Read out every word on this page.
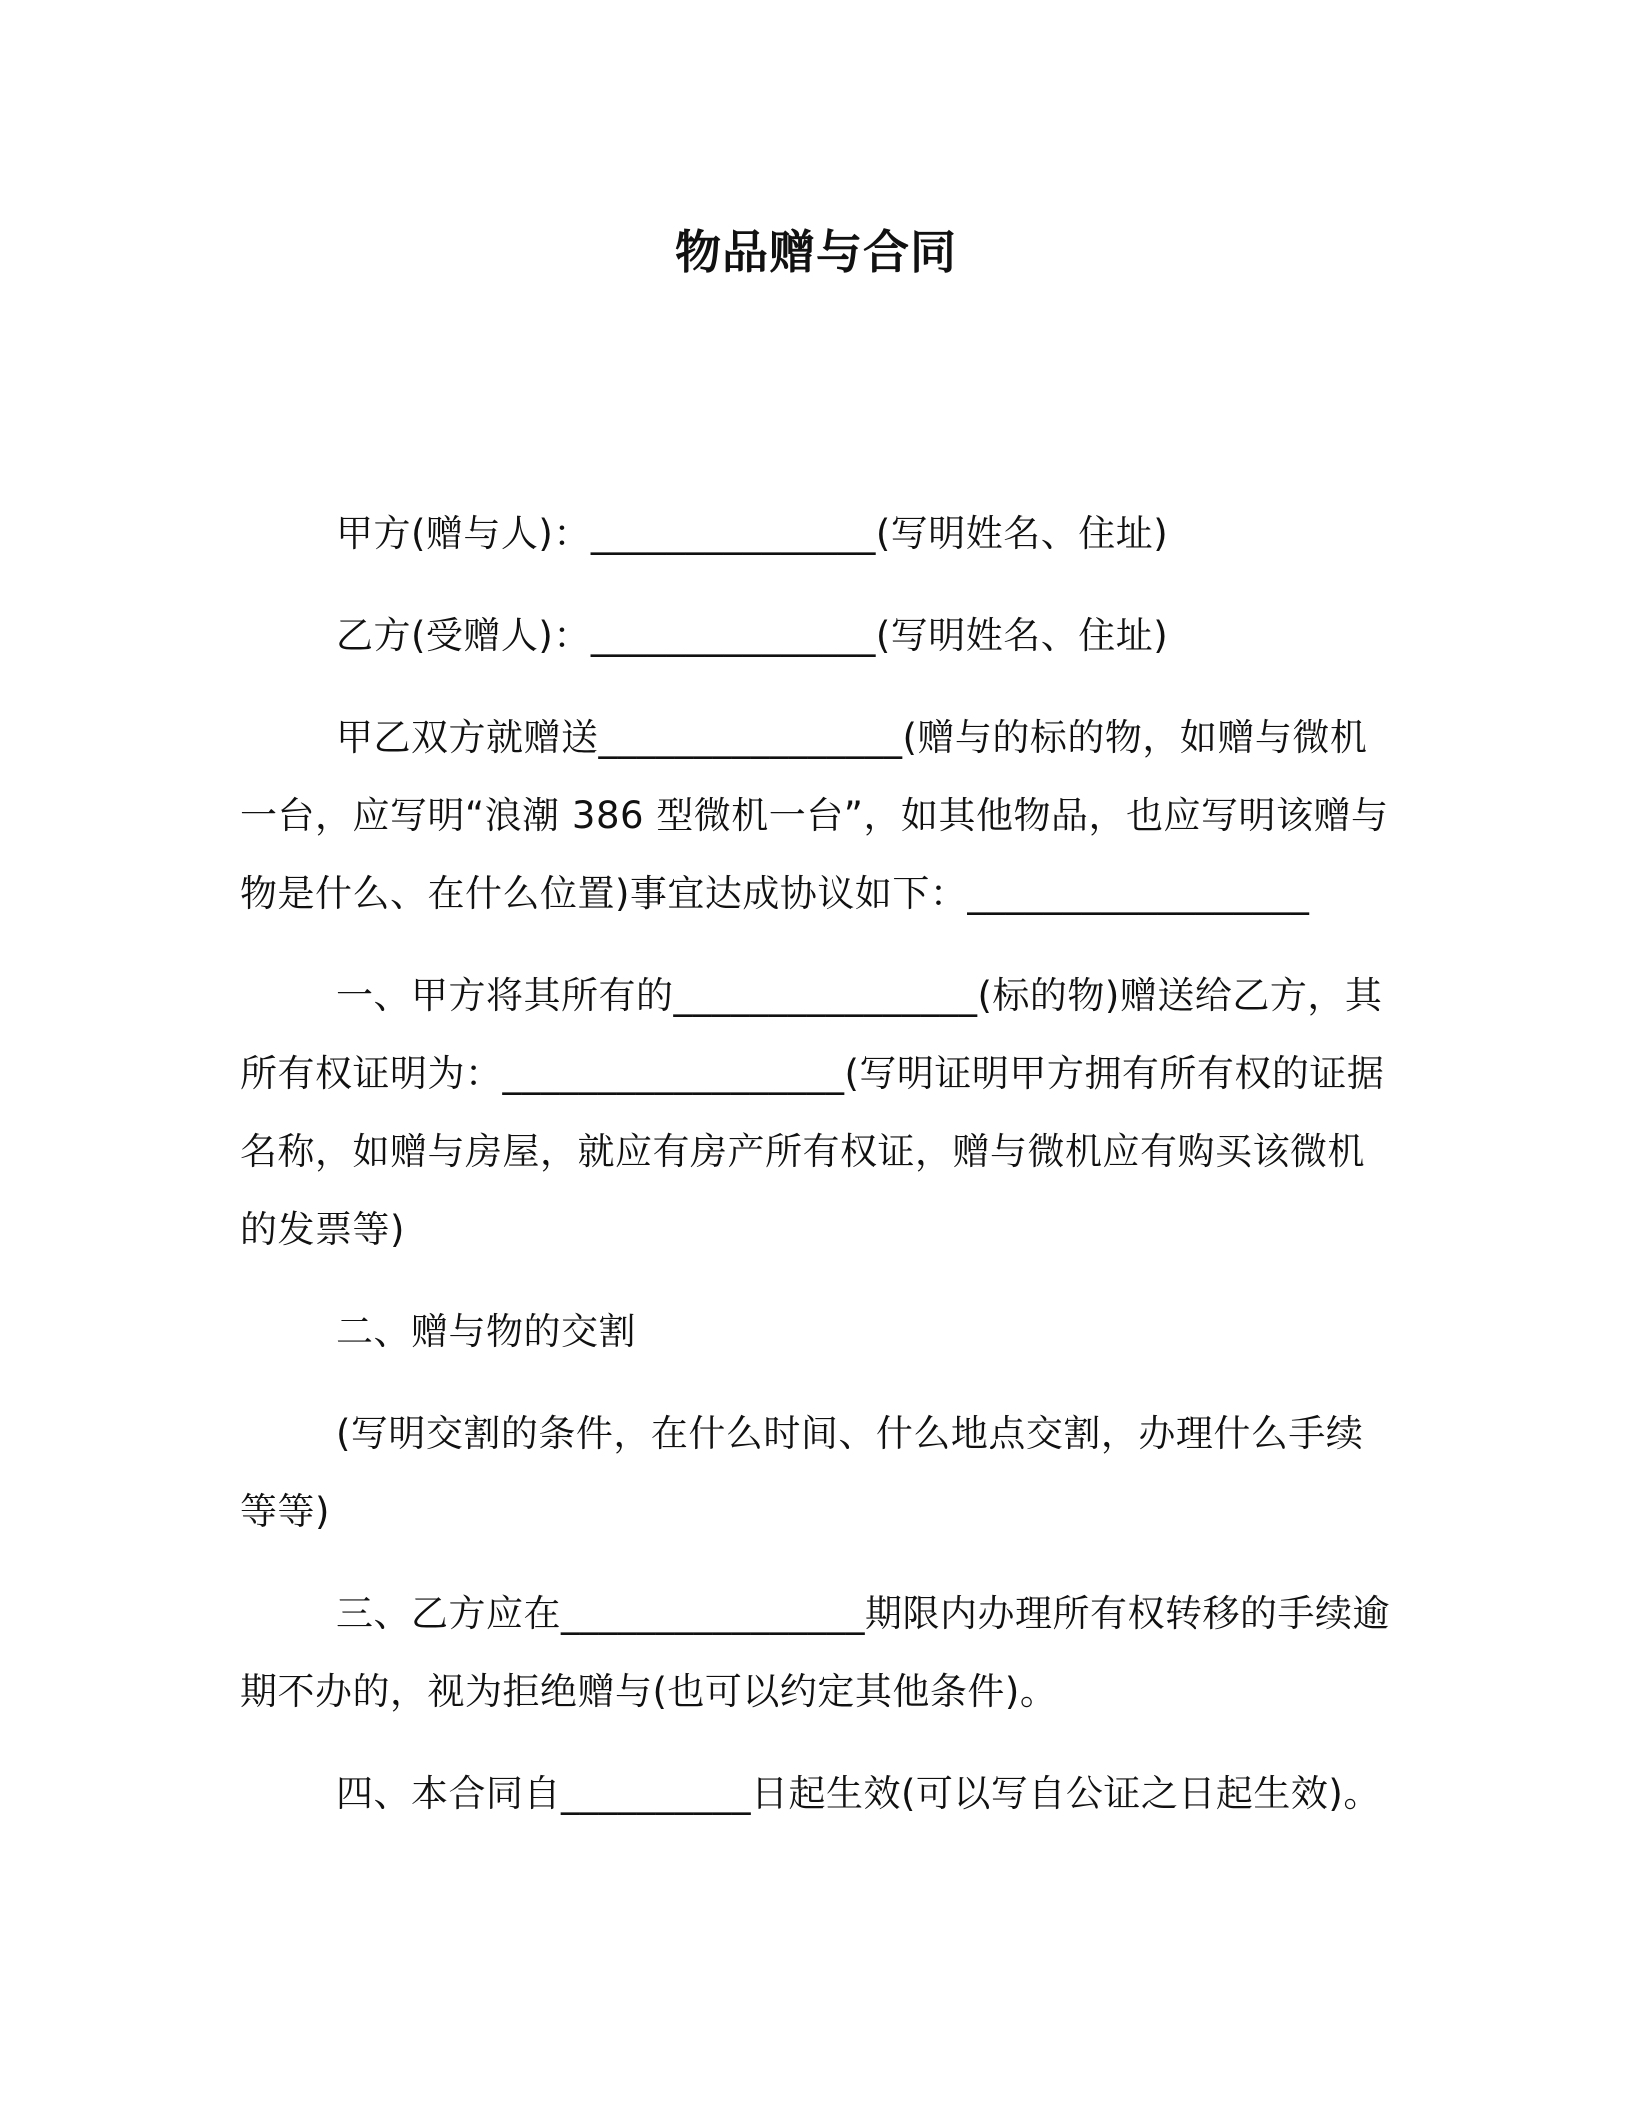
物品赠与合同

甲方(赠与人)：_______________(写明姓名、住址)

乙方(受赠人)：_______________(写明姓名、住址)

甲乙双方就赠送________________(赠与的标的物，如赠与微机一台，应写明“浪潮 386 型微机一台”，如其他物品，也应写明该赠与物是什么、在什么位置)事宜达成协议如下：__________________

一、甲方将其所有的________________(标的物)赠送给乙方，其所有权证明为：__________________(写明证明甲方拥有所有权的证据名称，如赠与房屋，就应有房产所有权证，赠与微机应有购买该微机的发票等)

二、赠与物的交割

(写明交割的条件，在什么时间、什么地点交割，办理什么手续等等)

三、乙方应在________________期限内办理所有权转移的手续逾期不办的，视为拒绝赠与(也可以约定其他条件)。

四、本合同自__________日起生效(可以写自公证之日起生效)。
